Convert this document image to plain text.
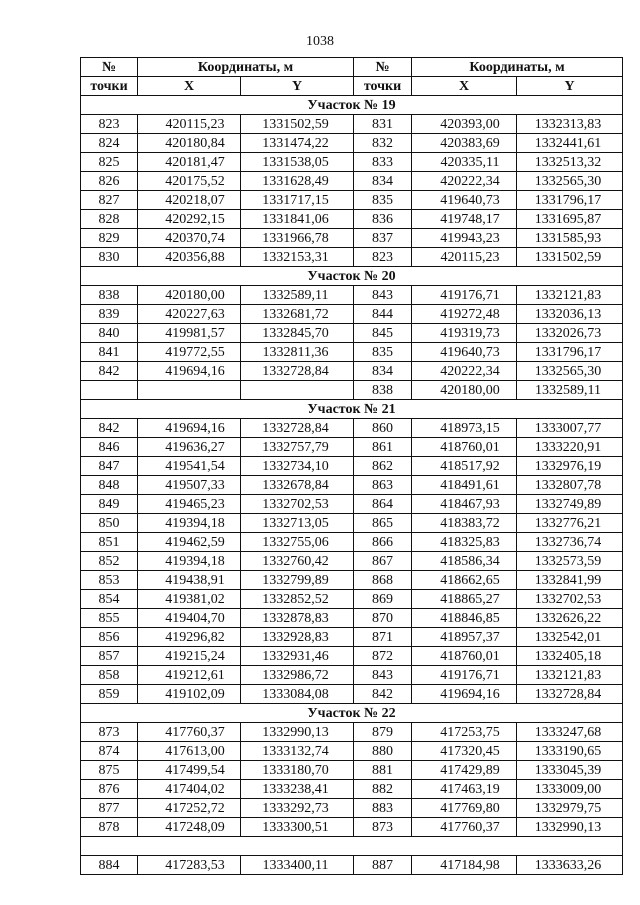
1038
№	Координаты, м		№	Координаты, м	
точки	X	Y	точки	X	Y
Участок № 19					
823	420115,23	1331502,59	831	420393,00	1332313,83
824	420180,84	1331474,22	832	420383,69	1332441,61
825	420181,47	1331538,05	833	420335,11	1332513,32
826	420175,52	1331628,49	834	420222,34	1332565,30
827	420218,07	1331717,15	835	419640,73	1331796,17
828	420292,15	1331841,06	836	419748,17	1331695,87
829	420370,74	1331966,78	837	419943,23	1331585,93
830	420356,88	1332153,31	823	420115,23	1331502,59
Участок № 20					
838	420180,00	1332589,11	843	419176,71	1332121,83
839	420227,63	1332681,72	844	419272,48	1332036,13
840	419981,57	1332845,70	845	419319,73	1332026,73
841	419772,55	1332811,36	835	419640,73	1331796,17
842	419694,16	1332728,84	834	420222,34	1332565,30
			838	420180,00	1332589,11
Участок № 21					
842	419694,16	1332728,84	860	418973,15	1333007,77
846	419636,27	1332757,79	861	418760,01	1333220,91
847	419541,54	1332734,10	862	418517,92	1332976,19
848	419507,33	1332678,84	863	418491,61	1332807,78
849	419465,23	1332702,53	864	418467,93	1332749,89
850	419394,18	1332713,05	865	418383,72	1332776,21
851	419462,59	1332755,06	866	418325,83	1332736,74
852	419394,18	1332760,42	867	418586,34	1332573,59
853	419438,91	1332799,89	868	418662,65	1332841,99
854	419381,02	1332852,52	869	418865,27	1332702,53
855	419404,70	1332878,83	870	418846,85	1332626,22
856	419296,82	1332928,83	871	418957,37	1332542,01
857	419215,24	1332931,46	872	418760,01	1332405,18
858	419212,61	1332986,72	843	419176,71	1332121,83
859	419102,09	1333084,08	842	419694,16	1332728,84
Участок № 22					
873	417760,37	1332990,13	879	417253,75	1333247,68
874	417613,00	1333132,74	880	417320,45	1333190,65
875	417499,54	1333180,70	881	417429,89	1333045,39
876	417404,02	1333238,41	882	417463,19	1333009,00
877	417252,72	1333292,73	883	417769,80	1332979,75
878	417248,09	1333300,51	873	417760,37	1332990,13

884	417283,53	1333400,11	887	417184,98	1333633,26
